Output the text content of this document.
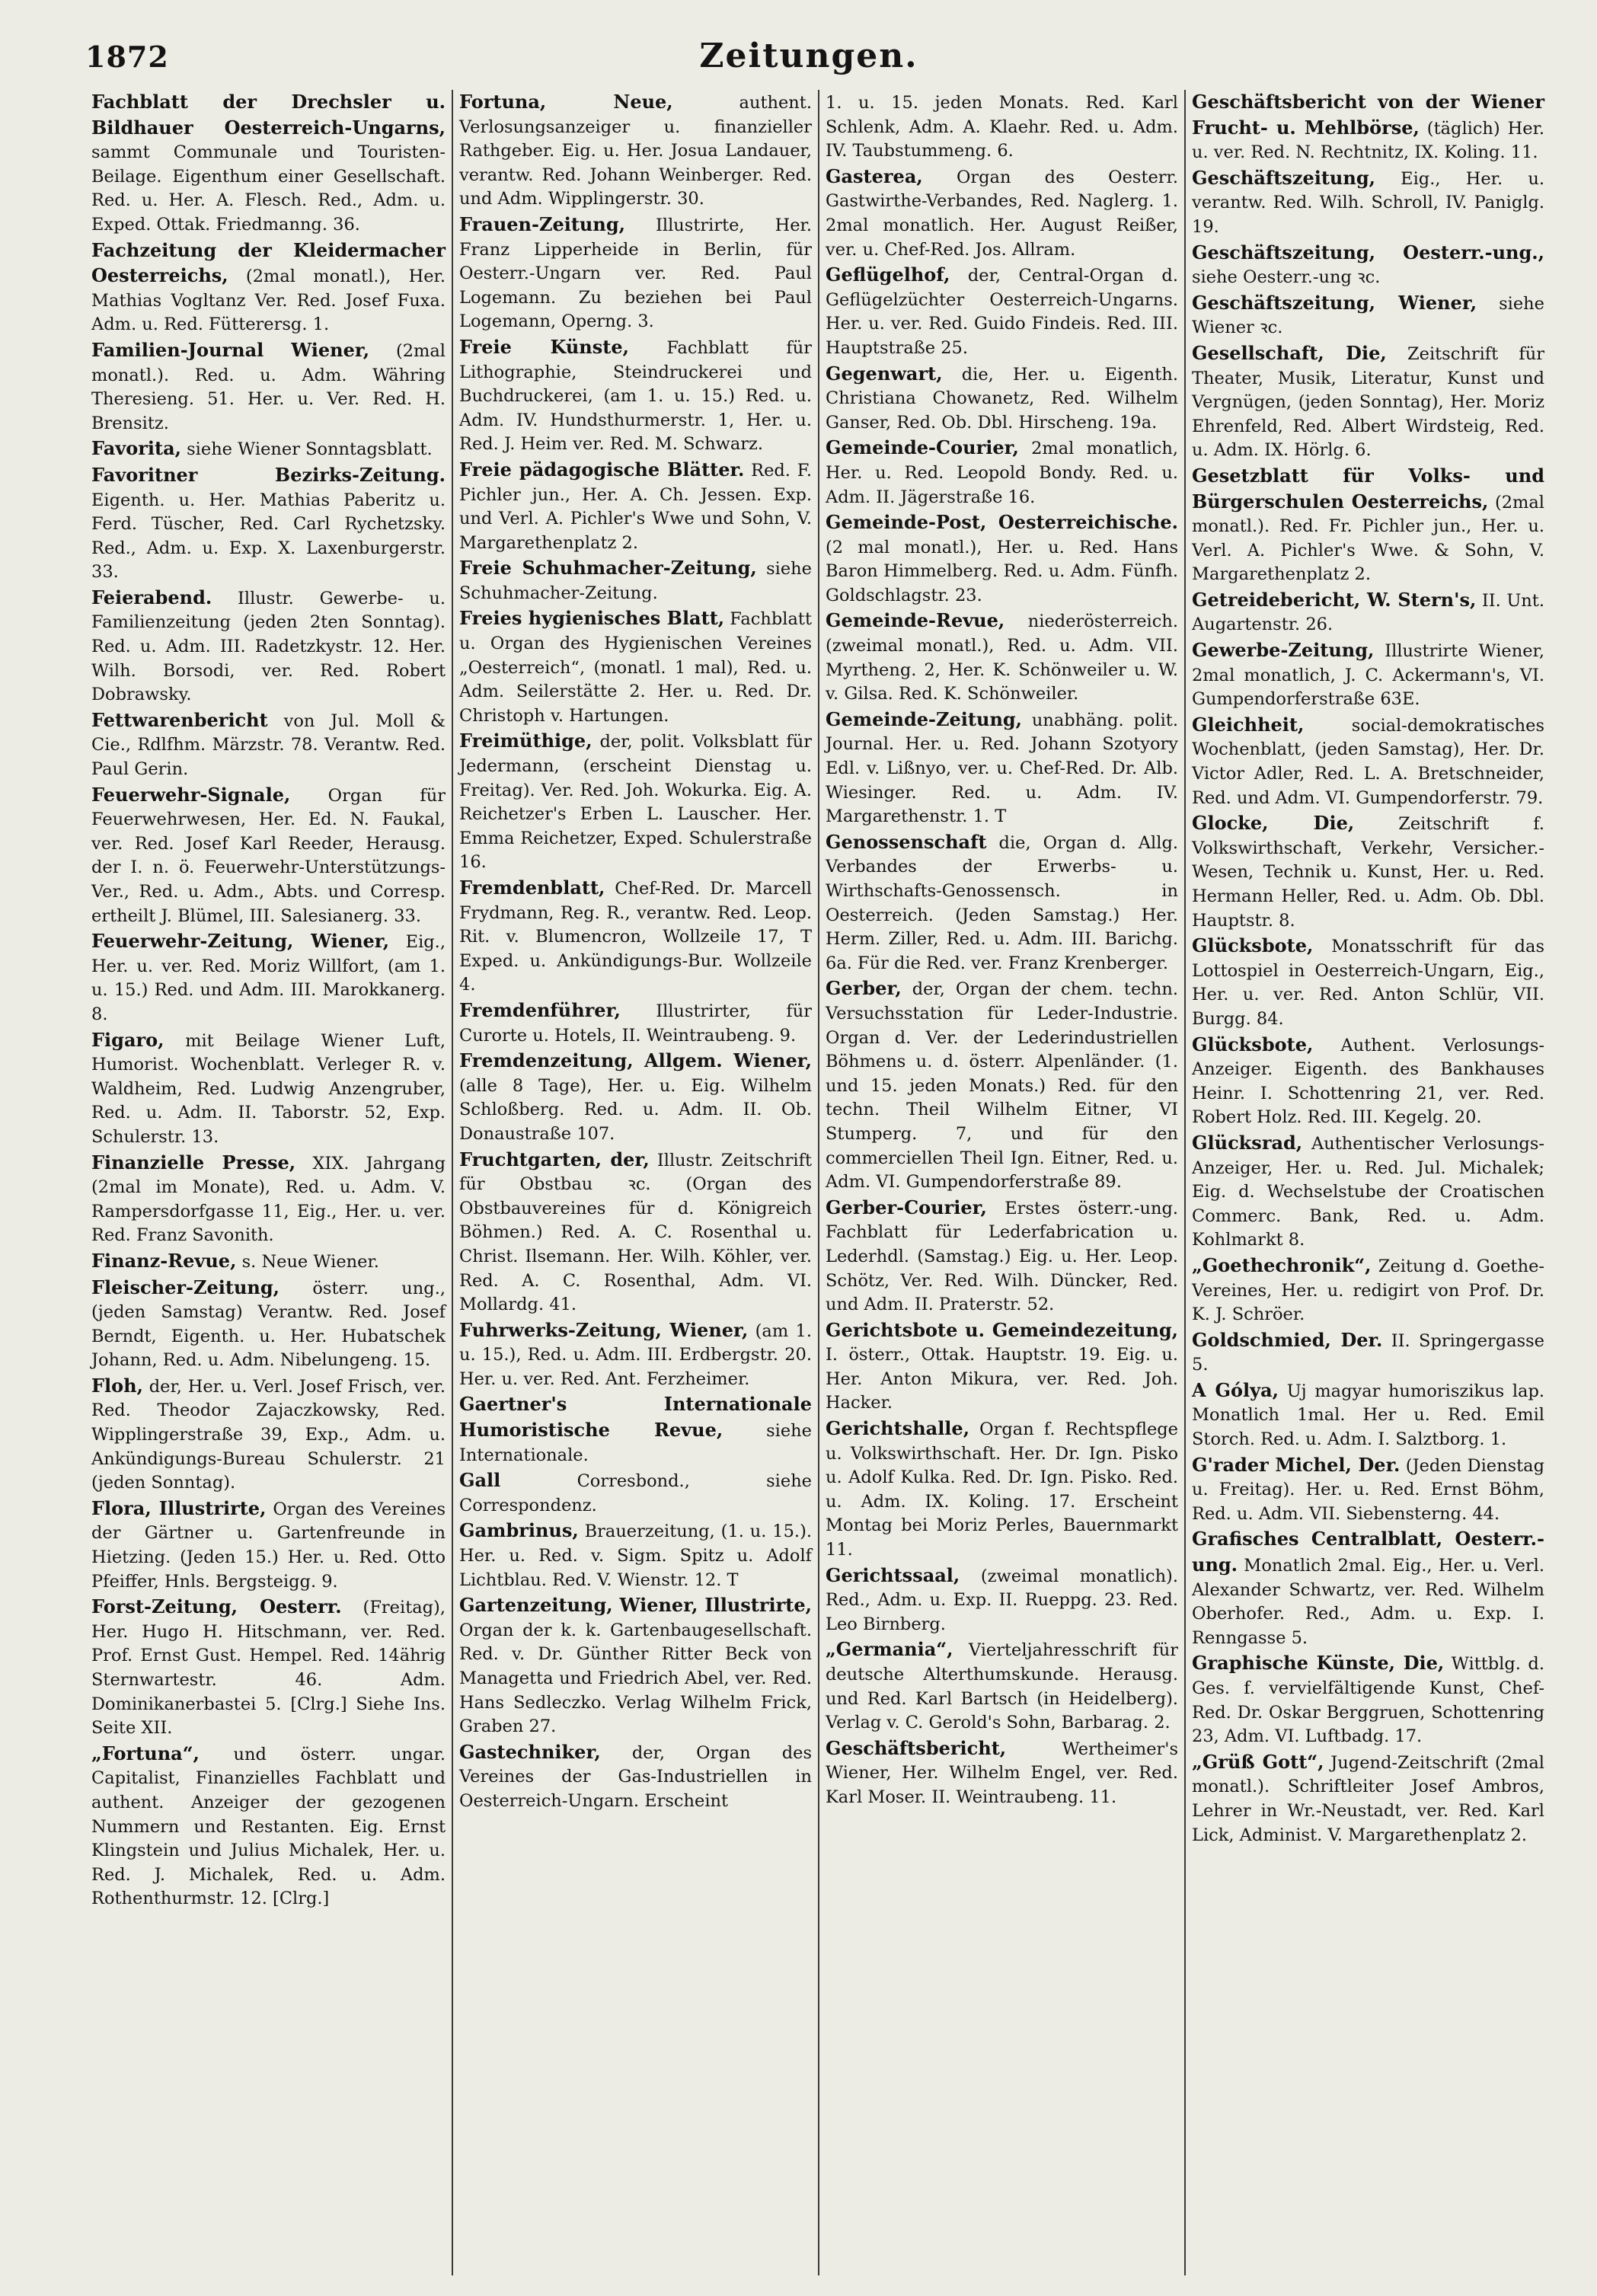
1872	Zeitungen.

Fachblatt der Drechsler u. Bildhauer Oesterreich-Ungarns, sammt Communale und Touristen-Beilage. Eigenthum einer Gesellschaft. Red. u. Her. A. Flesch. Red., Adm. u. Exped. Ottak. Friedmanng. 36.

Fachzeitung der Kleidermacher Oesterreichs, (2mal monatl.), Her. Mathias Vogltanz Ver. Red. Josef Fuxa. Adm. u. Red. Fütterersg. 1.

Familien-Journal Wiener, (2mal monatl.). Red. u. Adm. Währing Theresieng. 51. Her. u. Ver. Red. H. Brensitz.

Favorita, siehe Wiener Sonntagsblatt.

Favoritner Bezirks-Zeitung. Eigenth. u. Her. Mathias Paberitz u. Ferd. Tüscher, Red. Carl Rychetzsky. Red., Adm. u. Exp. X. Laxenburgerstr. 33.

Feierabend. Illustr. Gewerbe- u. Familienzeitung (jeden 2ten Sonntag). Red. u. Adm. III. Radetzkystr. 12. Her. Wilh. Borsodi, ver. Red. Robert Dobrawsky.

Fettwarenbericht von Jul. Moll & Cie., Rdlfhm. Märzstr. 78. Verantw. Red. Paul Gerin.

Feuerwehr-Signale, Organ für Feuerwehrwesen, Her. Ed. N. Faukal, ver. Red. Josef Karl Reeder, Herausg. der I. n. ö. Feuerwehr-Unterstützungs-Ver., Red. u. Adm., Abts. und Corresp. ertheilt J. Blümel, III. Salesianerg. 33.

Feuerwehr-Zeitung, Wiener, Eig., Her. u. ver. Red. Moriz Willfort, (am 1. u. 15.) Red. und Adm. III. Marokkanerg. 8.

Figaro, mit Beilage Wiener Luft, Humorist. Wochenblatt. Verleger R. v. Waldheim, Red. Ludwig Anzengruber, Red. u. Adm. II. Taborstr. 52, Exp. Schulerstr. 13.

Finanzielle Presse, XIX. Jahrgang (2mal im Monate), Red. u. Adm. V. Rampersdorfgasse 11, Eig., Her. u. ver. Red. Franz Savonith.

Finanz-Revue, s. Neue Wiener.

Fleischer-Zeitung, österr. ung., (jeden Samstag) Verantw. Red. Josef Berndt, Eigenth. u. Her. Hubatschek Johann, Red. u. Adm. Nibelungeng. 15.

Floh, der, Her. u. Verl. Josef Frisch, ver. Red. Theodor Zajaczkowsky, Red. Wipplingerstraße 39, Exp., Adm. u. Ankündigungs-Bureau Schulerstr. 21 (jeden Sonntag).

Flora, Illustrirte, Organ des Vereines der Gärtner u. Gartenfreunde in Hietzing. (Jeden 15.) Her. u. Red. Otto Pfeiffer, Hnls. Bergsteigg. 9.

Forst-Zeitung, Oesterr. (Freitag), Her. Hugo H. Hitschmann, ver. Red. Prof. Ernst Gust. Hempel. Red. 14ährig Sternwartestr. 46. Adm. Dominikanerbastei 5. [Clrg.] Siehe Ins. Seite XII.

„Fortuna“, und österr. ungar. Capitalist, Finanzielles Fachblatt und authent. Anzeiger der gezogenen Nummern und Restanten. Eig. Ernst Klingstein und Julius Michalek, Her. u. Red. J. Michalek, Red. u. Adm. Rothenthurmstr. 12. [Clrg.]

Fortuna, Neue, authent. Verlosungsanzeiger u. finanzieller Rathgeber. Eig. u. Her. Josua Landauer, verantw. Red. Johann Weinberger. Red. und Adm. Wipplingerstr. 30.

Frauen-Zeitung, Illustrirte, Her. Franz Lipperheide in Berlin, für Oesterr.-Ungarn ver. Red. Paul Logemann. Zu beziehen bei Paul Logemann, Operng. 3.

Freie Künste, Fachblatt für Lithographie, Steindruckerei und Buchdruckerei, (am 1. u. 15.) Red. u. Adm. IV. Hundsthurmerstr. 1, Her. u. Red. J. Heim ver. Red. M. Schwarz.

Freie pädagogische Blätter. Red. F. Pichler jun., Her. A. Ch. Jessen. Exp. und Verl. A. Pichler's Wwe und Sohn, V. Margarethenplatz 2.

Freie Schuhmacher-Zeitung, siehe Schuhmacher-Zeitung.

Freies hygienisches Blatt, Fachblatt u. Organ des Hygienischen Vereines „Oesterreich“, (monatl. 1 mal), Red. u. Adm. Seilerstätte 2. Her. u. Red. Dr. Christoph v. Hartungen.

Freimüthige, der, polit. Volksblatt für Jedermann, (erscheint Dienstag u. Freitag). Ver. Red. Joh. Wokurka. Eig. A. Reichetzer's Erben L. Lauscher. Her. Emma Reichetzer, Exped. Schulerstraße 16.

Fremdenblatt, Chef-Red. Dr. Marcell Frydmann, Reg. R., verantw. Red. Leop. Rit. v. Blumencron, Wollzeile 17, T Exped. u. Ankündigungs-Bur. Wollzeile 4.

Fremdenführer, Illustrirter, für Curorte u. Hotels, II. Weintraubeng. 9.

Fremdenzeitung, Allgem. Wiener, (alle 8 Tage), Her. u. Eig. Wilhelm Schloßberg. Red. u. Adm. II. Ob. Donaustraße 107.

Fruchtgarten, der, Illustr. Zeitschrift für Obstbau ꝛc. (Organ des Obstbauvereines für d. Königreich Böhmen.) Red. A. C. Rosenthal u. Christ. Ilsemann. Her. Wilh. Köhler, ver. Red. A. C. Rosenthal, Adm. VI. Mollardg. 41.

Fuhrwerks-Zeitung, Wiener, (am 1. u. 15.), Red. u. Adm. III. Erdbergstr. 20. Her. u. ver. Red. Ant. Ferzheimer.

Gaertner's Internationale Humoristische Revue, siehe Internationale.

Gall Corresbond., siehe Correspondenz.

Gambrinus, Brauerzeitung, (1. u. 15.). Her. u. Red. v. Sigm. Spitz u. Adolf Lichtblau. Red. V. Wienstr. 12. T

Gartenzeitung, Wiener, Illustrirte, Organ der k. k. Gartenbaugesellschaft. Red. v. Dr. Günther Ritter Beck von Managetta und Friedrich Abel, ver. Red. Hans Sedleczko. Verlag Wilhelm Frick, Graben 27.

Gastechniker, der, Organ des Vereines der Gas-Industriellen in Oesterreich-Ungarn. Erscheint

1. u. 15. jeden Monats. Red. Karl Schlenk, Adm. A. Klaehr. Red. u. Adm. IV. Taubstummeng. 6.

Gasterea, Organ des Oesterr. Gastwirthe-Verbandes, Red. Naglerg. 1. 2mal monatlich. Her. August Reißer, ver. u. Chef-Red. Jos. Allram.

Geflügelhof, der, Central-Organ d. Geflügelzüchter Oesterreich-Ungarns. Her. u. ver. Red. Guido Findeis. Red. III. Hauptstraße 25.

Gegenwart, die, Her. u. Eigenth. Christiana Chowanetz, Red. Wilhelm Ganser, Red. Ob. Dbl. Hirscheng. 19a.

Gemeinde-Courier, 2mal monatlich, Her. u. Red. Leopold Bondy. Red. u. Adm. II. Jägerstraße 16.

Gemeinde-Post, Oesterreichische. (2 mal monatl.), Her. u. Red. Hans Baron Himmelberg. Red. u. Adm. Fünfh. Goldschlagstr. 23.

Gemeinde-Revue, niederösterreich. (zweimal monatl.), Red. u. Adm. VII. Myrtheng. 2, Her. K. Schönweiler u. W. v. Gilsa. Red. K. Schönweiler.

Gemeinde-Zeitung, unabhäng. polit. Journal. Her. u. Red. Johann Szotyory Edl. v. Lißnyo, ver. u. Chef-Red. Dr. Alb. Wiesinger. Red. u. Adm. IV. Margarethenstr. 1. T

Genossenschaft die, Organ d. Allg. Verbandes der Erwerbs- u. Wirthschafts-Genossensch. in Oesterreich. (Jeden Samstag.) Her. Herm. Ziller, Red. u. Adm. III. Barichg. 6a. Für die Red. ver. Franz Krenberger.

Gerber, der, Organ der chem. techn. Versuchsstation für Leder-Industrie. Organ d. Ver. der Lederindustriellen Böhmens u. d. österr. Alpenländer. (1. und 15. jeden Monats.) Red. für den techn. Theil Wilhelm Eitner, VI Stumperg. 7, und für den commerciellen Theil Ign. Eitner, Red. u. Adm. VI. Gumpendorferstraße 89.

Gerber-Courier, Erstes österr.-ung. Fachblatt für Lederfabrication u. Lederhdl. (Samstag.) Eig. u. Her. Leop. Schötz, Ver. Red. Wilh. Düncker, Red. und Adm. II. Praterstr. 52.

Gerichtsbote u. Gemeindezeitung, I. österr., Ottak. Hauptstr. 19. Eig. u. Her. Anton Mikura, ver. Red. Joh. Hacker.

Gerichtshalle, Organ f. Rechtspflege u. Volkswirthschaft. Her. Dr. Ign. Pisko u. Adolf Kulka. Red. Dr. Ign. Pisko. Red. u. Adm. IX. Koling. 17. Erscheint Montag bei Moriz Perles, Bauernmarkt 11.

Gerichtssaal, (zweimal monatlich). Red., Adm. u. Exp. II. Rueppg. 23. Red. Leo Birnberg.

„Germania“, Vierteljahresschrift für deutsche Alterthumskunde. Herausg. und Red. Karl Bartsch (in Heidelberg). Verlag v. C. Gerold's Sohn, Barbarag. 2.

Geschäftsbericht, Wertheimer's Wiener, Her. Wilhelm Engel, ver. Red. Karl Moser. II. Weintraubeng. 11.

Geschäftsbericht von der Wiener Frucht- u. Mehlbörse, (täglich) Her. u. ver. Red. N. Rechtnitz, IX. Koling. 11.

Geschäftszeitung, Eig., Her. u. verantw. Red. Wilh. Schroll, IV. Paniglg. 19.

Geschäftszeitung, Oesterr.-ung., siehe Oesterr.-ung ꝛc.

Geschäftszeitung, Wiener, siehe Wiener ꝛc.

Gesellschaft, Die, Zeitschrift für Theater, Musik, Literatur, Kunst und Vergnügen, (jeden Sonntag), Her. Moriz Ehrenfeld, Red. Albert Wirdsteig, Red. u. Adm. IX. Hörlg. 6.

Gesetzblatt für Volks- und Bürgerschulen Oesterreichs, (2mal monatl.). Red. Fr. Pichler jun., Her. u. Verl. A. Pichler's Wwe. & Sohn, V. Margarethenplatz 2.

Getreidebericht, W. Stern's, II. Unt. Augartenstr. 26.

Gewerbe-Zeitung, Illustrirte Wiener, 2mal monatlich, J. C. Ackermann's, VI. Gumpendorferstraße 63E.

Gleichheit, social-demokratisches Wochenblatt, (jeden Samstag), Her. Dr. Victor Adler, Red. L. A. Bretschneider, Red. und Adm. VI. Gumpendorferstr. 79.

Glocke, Die, Zeitschrift f. Volkswirthschaft, Verkehr, Versicher.-Wesen, Technik u. Kunst, Her. u. Red. Hermann Heller, Red. u. Adm. Ob. Dbl. Hauptstr. 8.

Glücksbote, Monatsschrift für das Lottospiel in Oesterreich-Ungarn, Eig., Her. u. ver. Red. Anton Schlür, VII. Burgg. 84.

Glücksbote, Authent. Verlosungs-Anzeiger. Eigenth. des Bankhauses Heinr. I. Schottenring 21, ver. Red. Robert Holz. Red. III. Kegelg. 20.

Glücksrad, Authentischer Verlosungs-Anzeiger, Her. u. Red. Jul. Michalek; Eig. d. Wechselstube der Croatischen Commerc. Bank, Red. u. Adm. Kohlmarkt 8.

„Goethechronik“, Zeitung d. Goethe-Vereines, Her. u. redigirt von Prof. Dr. K. J. Schröer.

Goldschmied, Der. II. Springergasse 5.

A Gólya, Uj magyar humoriszikus lap. Monatlich 1mal. Her u. Red. Emil Storch. Red. u. Adm. I. Salztborg. 1.

G'rader Michel, Der. (Jeden Dienstag u. Freitag). Her. u. Red. Ernst Böhm, Red. u. Adm. VII. Siebensterng. 44.

Grafisches Centralblatt, Oesterr.-ung. Monatlich 2mal. Eig., Her. u. Verl. Alexander Schwartz, ver. Red. Wilhelm Oberhofer. Red., Adm. u. Exp. I. Renngasse 5.

Graphische Künste, Die, Wittblg. d. Ges. f. vervielfältigende Kunst, Chef-Red. Dr. Oskar Berggruen, Schottenring 23, Adm. VI. Luftbadg. 17.

„Grüß Gott“, Jugend-Zeitschrift (2mal monatl.). Schriftleiter Josef Ambros, Lehrer in Wr.-Neustadt, ver. Red. Karl Lick, Administ. V. Margarethenplatz 2.
